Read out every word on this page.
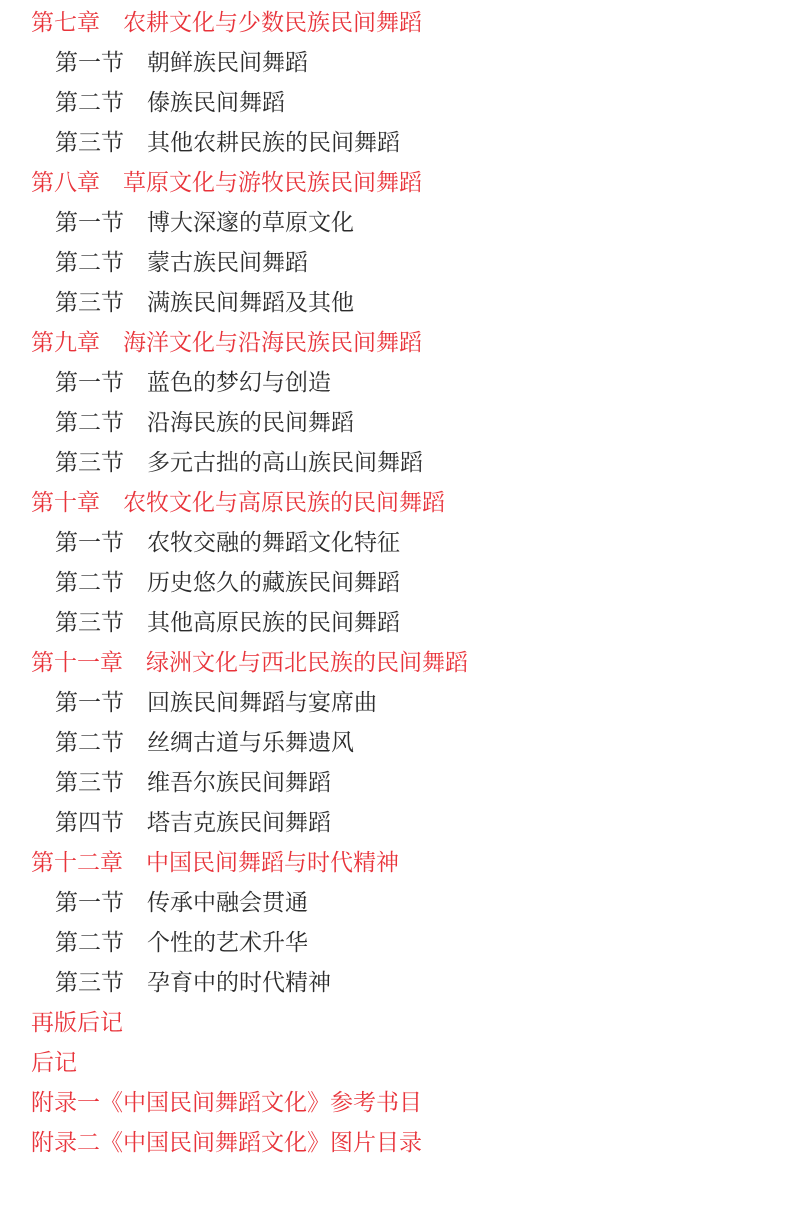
第七章　农耕文化与少数民族民间舞蹈
第一节　朝鲜族民间舞蹈
第二节　傣族民间舞蹈
第三节　其他农耕民族的民间舞蹈
第八章　草原文化与游牧民族民间舞蹈
第一节　博大深邃的草原文化
第二节　蒙古族民间舞蹈
第三节　满族民间舞蹈及其他
第九章　海洋文化与沿海民族民间舞蹈
第一节　蓝色的梦幻与创造
第二节　沿海民族的民间舞蹈
第三节　多元古拙的高山族民间舞蹈
第十章　农牧文化与高原民族的民间舞蹈
第一节　农牧交融的舞蹈文化特征
第二节　历史悠久的藏族民间舞蹈
第三节　其他高原民族的民间舞蹈
第十一章　绿洲文化与西北民族的民间舞蹈
第一节　回族民间舞蹈与宴席曲
第二节　丝绸古道与乐舞遗风
第三节　维吾尔族民间舞蹈
第四节　塔吉克族民间舞蹈
第十二章　中国民间舞蹈与时代精神
第一节　传承中融会贯通
第二节　个性的艺术升华
第三节　孕育中的时代精神
再版后记
后记
附录一《中国民间舞蹈文化》参考书目
附录二《中国民间舞蹈文化》图片目录
